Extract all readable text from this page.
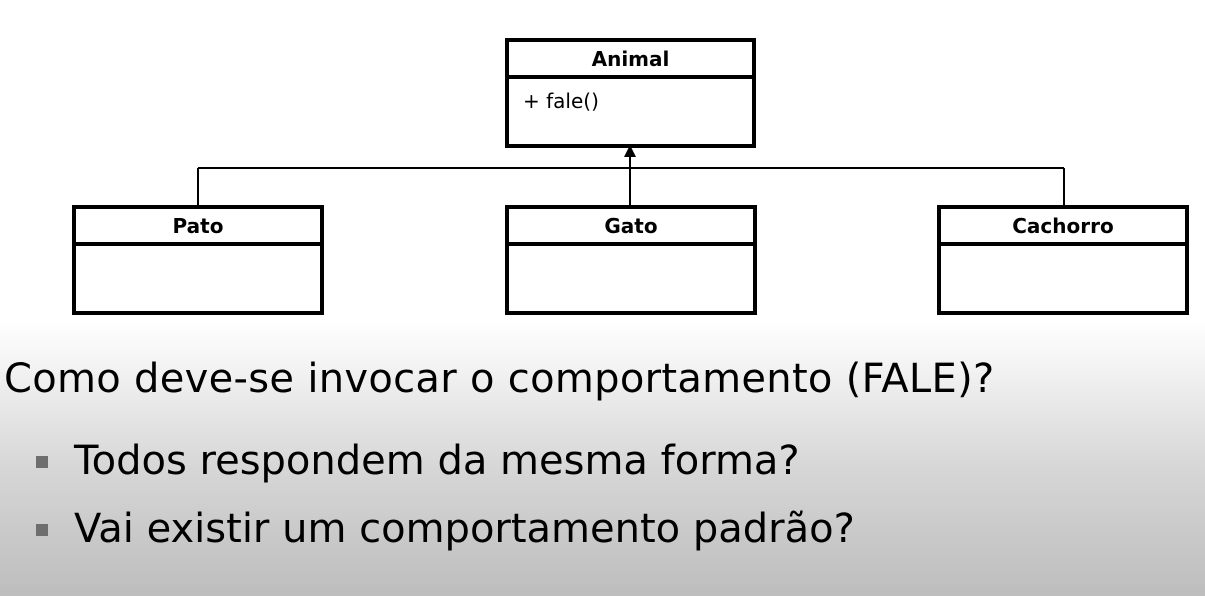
Animal
+ fale()
Pato	Gato	Cachorro
Como deve-se invocar o comportamento (FALE)?
Todos respondem da mesma forma?
Vai existir um comportamento padrão?
